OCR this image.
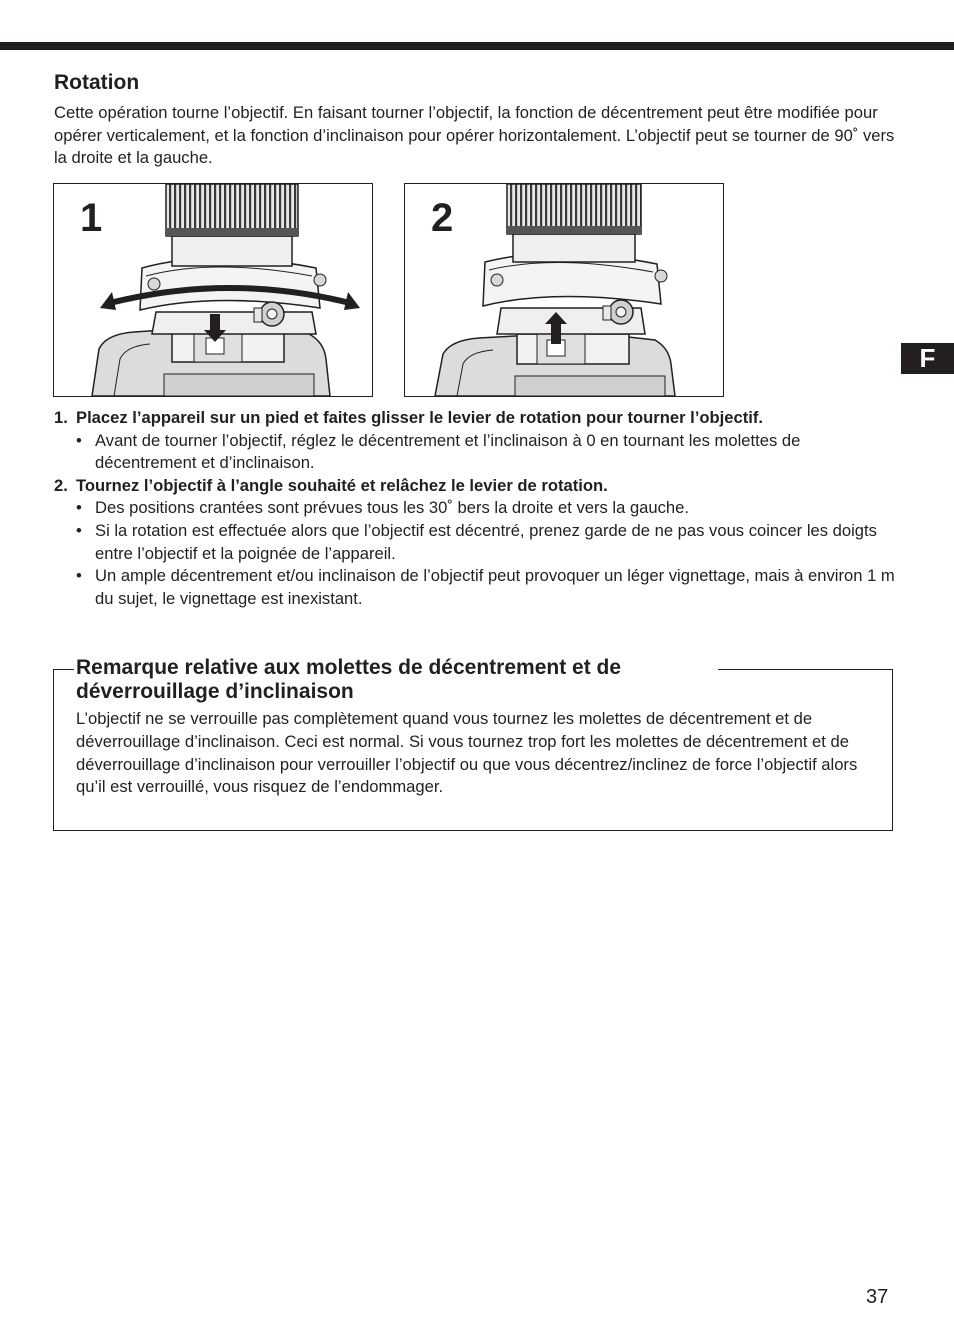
Rotation

Cette opération tourne l’objectif. En faisant tourner l’objectif, la fonction de décentrement peut être modifiée pour opérer verticalement, et la fonction d’inclinaison pour opérer horizontalement. L’objectif peut se tourner de 90˚ vers la droite et la gauche.

1	2
1. Placez l’appareil sur un pied et faites glisser le levier de rotation pour tourner l’objectif.
• Avant de tourner l’objectif, réglez le décentrement et l’inclinaison à 0 en tournant les molettes de décentrement et d’inclinaison.
2. Tournez l’objectif à l’angle souhaité et relâchez le levier de rotation.
• Des positions crantées sont prévues tous les 30˚ bers la droite et vers la gauche.
• Si la rotation est effectuée alors que l’objectif est décentré, prenez garde de ne pas vous coincer les doigts entre l’objectif et la poignée de l’appareil.
• Un ample décentrement et/ou inclinaison de l’objectif peut provoquer un léger vignettage, mais à environ 1 m du sujet, le vignettage est inexistant.
Remarque relative aux molettes de décentrement et de déverrouillage d’inclinaison

L’objectif ne se verrouille pas complètement quand vous tournez les molettes de décentrement et de déverrouillage d’inclinaison. Ceci est normal. Si vous tournez trop fort les molettes de décentrement et de déverrouillage d’inclinaison pour verrouiller l’objectif ou que vous décentrez/inclinez de force l’objectif alors qu’il est verrouillé, vous risquez de l’endommager.

F
37
